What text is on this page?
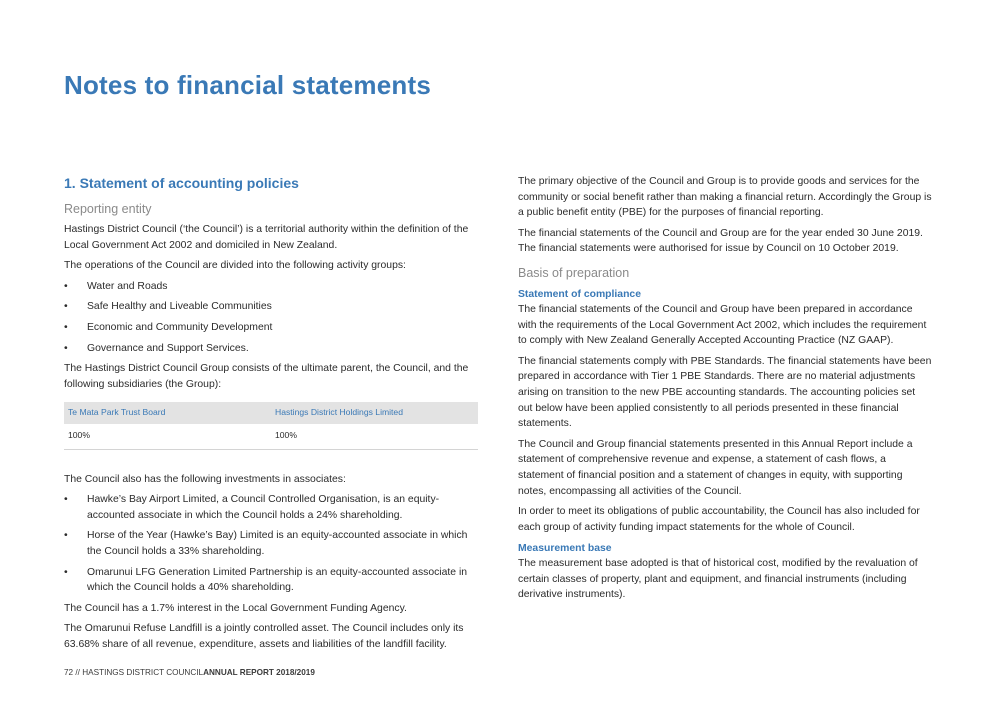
Notes to financial statements
1. Statement of accounting policies
Reporting entity

Hastings District Council (‘the Council’) is a territorial authority within the definition of the Local Government Act 2002 and domiciled in New Zealand.

The operations of the Council are divided into the following activity groups:

• Water and Roads
• Safe Healthy and Liveable Communities
• Economic and Community Development
• Governance and Support Services.

The Hastings District Council Group consists of the ultimate parent, the Council, and the following subsidiaries (the Group):

Te Mata Park Trust Board	Hastings District Holdings Limited
100%	100%

The Council also has the following investments in associates:

• Hawke’s Bay Airport Limited, a Council Controlled Organisation, is an equity-accounted associate in which the Council holds a 24% shareholding.
• Horse of the Year (Hawke’s Bay) Limited is an equity-accounted associate in which the Council holds a 33% shareholding.
• Omarunui LFG Generation Limited Partnership is an equity-accounted associate in which the Council holds a 40% shareholding.

The Council has a 1.7% interest in the Local Government Funding Agency.

The Omarunui Refuse Landfill is a jointly controlled asset. The Council includes only its 63.68% share of all revenue, expenditure, assets and liabilities of the landfill facility.

The primary objective of the Council and Group is to provide goods and services for the community or social benefit rather than making a financial return. Accordingly the Group is a public benefit entity (PBE) for the purposes of financial reporting.

The financial statements of the Council and Group are for the year ended 30 June 2019. The financial statements were authorised for issue by Council on 10 October 2019.

Basis of preparation
Statement of compliance

The financial statements of the Council and Group have been prepared in accordance with the requirements of the Local Government Act 2002, which includes the requirement to comply with New Zealand Generally Accepted Accounting Practice (NZ GAAP).

The financial statements comply with PBE Standards. The financial statements have been prepared in accordance with Tier 1 PBE Standards. There are no material adjustments arising on transition to the new PBE accounting standards. The accounting policies set out below have been applied consistently to all periods presented in these financial statements.

The Council and Group financial statements presented in this Annual Report include a statement of comprehensive revenue and expense, a statement of cash flows, a statement of financial position and a statement of changes in equity, with supporting notes, encompassing all activities of the Council.

In order to meet its obligations of public accountability, the Council has also included for each group of activity funding impact statements for the whole of Council.

Measurement base

The measurement base adopted is that of historical cost, modified by the revaluation of certain classes of property, plant and equipment, and financial instruments (including derivative instruments).

72 // HASTINGS DISTRICT COUNCILANNUAL REPORT 2018/2019
